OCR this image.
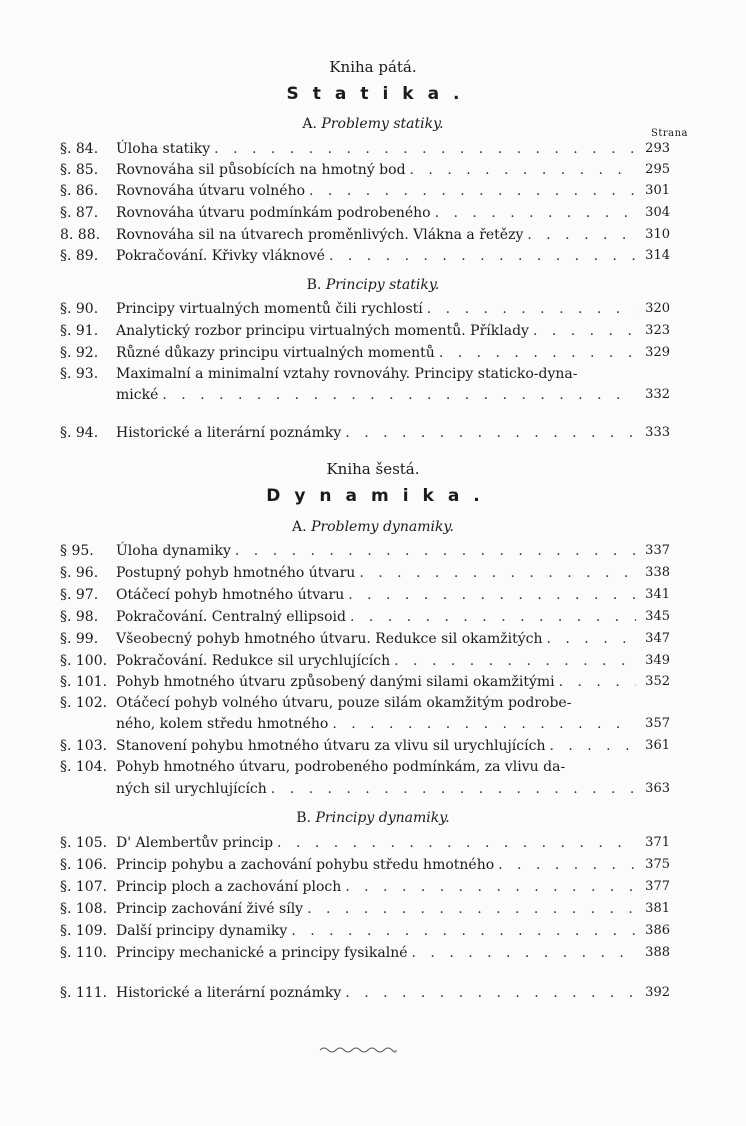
Kniha pátá.
Statika.
A. Problemy statiky.
Strana
§. 84.	Úloha statiky . . .	293
§. 85.	Rovnováha sil působících na hmotný bod . . .	295
§. 86.	Rovnováha útvaru volného . . .	301
§. 87.	Rovnováha útvaru podmínkám podrobeného . . .	304
8. 88.	Rovnováha sil na útvarech proměnlivých. Vlákna a řetězy . . .	310
§. 89.	Pokračování. Křivky vláknové . . .	314
B. Principy statiky.
§. 90.	Principy virtualných momentů čili rychlostí . . .	320
§. 91.	Analytický rozbor principu virtualných momentů. Příklady . . .	323
§. 92.	Různé důkazy principu virtualných momentů . . .	329
§. 93.	Maximalní a minimalní vztahy rovnováhy. Principy staticko-dyna-
mické . . .	332
§. 94.	Historické a literární poznámky . . .	333
Kniha šestá.
Dynamika.
A. Problemy dynamiky.
§ 95.	Úloha dynamiky . . .	337
§. 96.	Postupný pohyb hmotného útvaru . . .	338
§. 97.	Otáčecí pohyb hmotného útvaru . . .	341
§. 98.	Pokračování. Centralný ellipsoid . . .	345
§. 99.	Všeobecný pohyb hmotného útvaru. Redukce sil okamžitých . . .	347
§. 100. Pokračování. Redukce sil urychlujících . . .	349
§. 101. Pohyb hmotného útvaru způsobený danými silami okamžitými . . .	352
§. 102. Otáčecí pohyb volného útvaru, pouze silám okamžitým podrobe-
ného, kolem středu hmotného . . .	357
§. 103. Stanovení pohybu hmotného útvaru za vlivu sil urychlujících . . .	361
§. 104. Pohyb hmotného útvaru, podrobeného podmínkám, za vlivu da-
ných sil urychlujících . . .	363
B. Principy dynamiky.
§. 105. D' Alembertův princip . . .	371
§. 106. Princip pohybu a zachování pohybu středu hmotného . . .	375
§. 107. Princip ploch a zachování ploch . . .	377
§. 108. Princip zachování živé síly . . .	381
§. 109. Další principy dynamiky . . .	386
§. 110. Principy mechanické a principy fysikalné . . .	388
§. 111. Historické a literární poznámky . . .	392
